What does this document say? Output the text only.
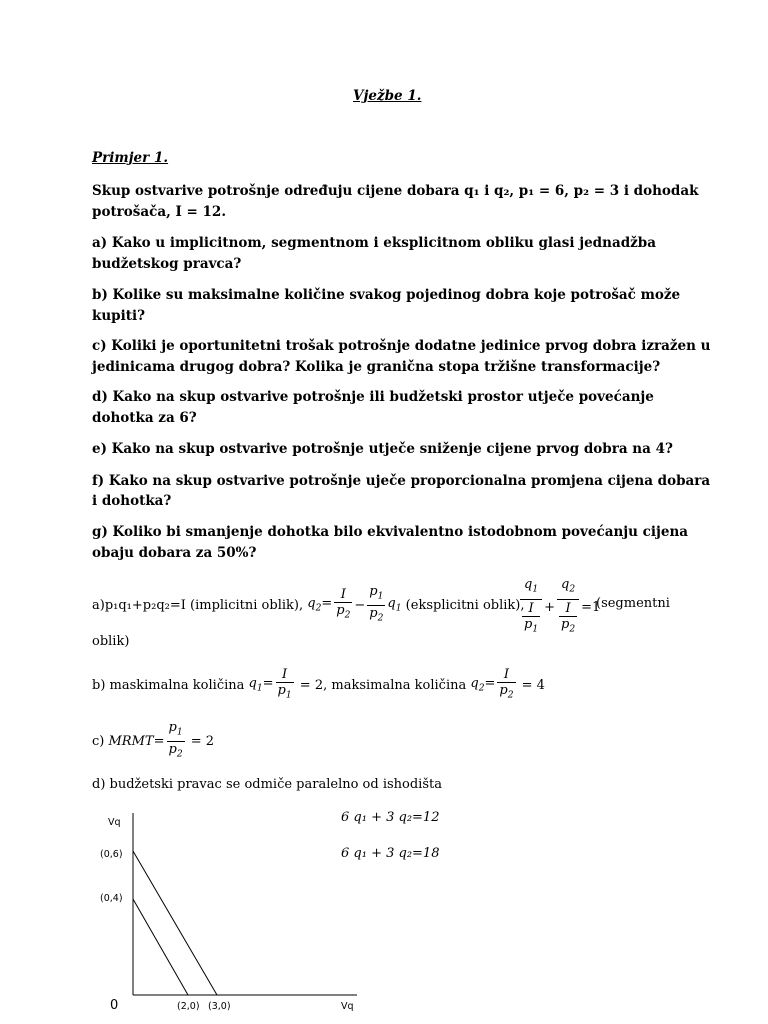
Vježbe 1.
Primjer 1.
Skup ostvarive potrošnje određuju cijene dobara q₁ i q₂, p₁ = 6, p₂ = 3 i dohodak
potrošača, I = 12.
a) Kako u implicitnom, segmentnom i eksplicitnom obliku glasi jednadžba
budžetskog pravca?
b) Kolike su maksimalne količine svakog pojedinog dobra koje potrošač može
kupiti?
c) Koliki je oportunitetni trošak potrošnje dodatne jedinice prvog dobra izražen u
jedinicama drugog dobra? Kolika je granična stopa tržišne transformacije?
d) Kako na skup ostvarive potrošnje ili budžetski prostor utječe povećanje
dohotka za 6?
e) Kako na skup ostvarive potrošnje utječe sniženje cijene prvog dobra na 4?
f) Kako na skup ostvarive potrošnje uječe proporcionalna promjena cijena dobara
i dohotka?
g) Koliko bi smanjenje dohotka bilo ekvivalentno istodobnom povećanju cijena
obaju dobara za 50%?
a) p₁q₁+p₂q₂=I (implicitni oblik), $q_2= \frac{I}{p_2} - \frac{p_1}{p_2} q_1$ (eksplicitni oblik),
$q_1$
$\frac{I}{p_1} + \frac{q_2}{\frac{I}{p_2}} =1$
(segmentni
oblik)
b) maskimalna količina $q_1= \frac{I}{p_1} = 2$, maksimalna količina $q_2= \frac{I}{p_2} = 4$
c) MRMT = $\frac{p_1}{p_2} = 2$
d) budžetski pravac se odmiče paralelno od ishodišta
Vq
(0,6)
(0,4)
0	(2,0) (3,0)	Vq
6 q₁ + 3 q₂=12
6 q₁ + 3 q₂=18
